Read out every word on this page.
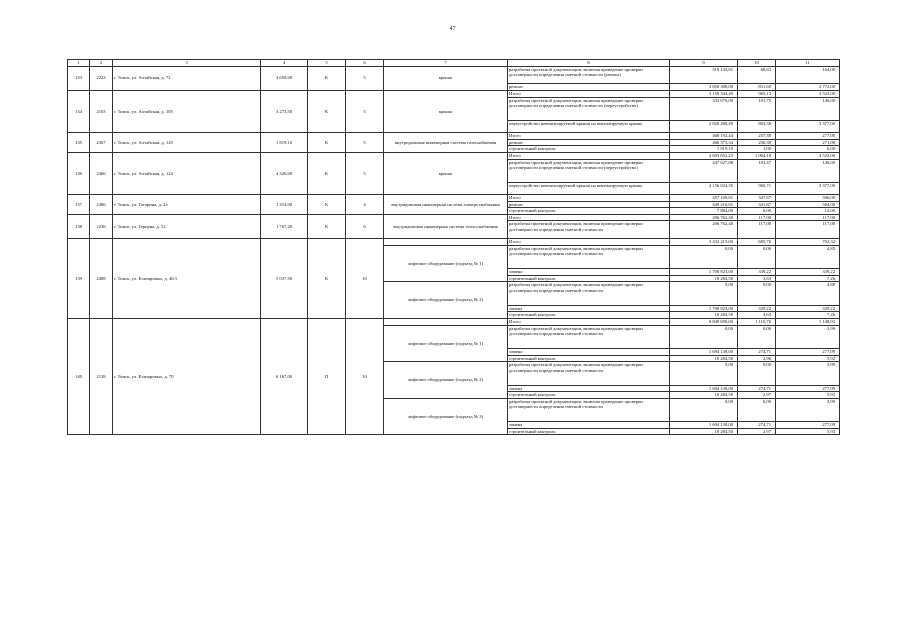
47
1	2	3	4	5	6	7	8	9	10	11
133	2223	г. Томск, ул. Алтайская, д. 72	4 650,00	К	5	крыша	разработка проектной документации, включая проведение проверки достоверности определения сметной стоимости (ремонт)	319 143,01	68,63	164,00
							ремонт	3 850 308,00	831,60	2 772,00
134	2103	г. Томск, ул. Алтайская, д. 105	3 273,50	К	5	крыша	Итого	3 159 344,49	965,13	3 523,00
							разработка проектной документации, включая проведение проверки достоверности определения сметной стоимости (переустройство)	333 076,00	101,75	146,00
							переустройство невентилируемой крыши на вентилируемую крышу	2 826 268,49	863,38	3 377,00
135	2367	г. Томск, ул. Алтайская, д. 120	1 819,10	К	5	внутридомовая инженерная система газоснабжения	Итого	468 192,44	257,38	277,00
							ремонт	466 373,34	256,38	271,00
							строительный контроль	1 819,10	1,00	6,00
136	2366	г. Томск, ул. Алтайская, д. 124	4 326,00	К	5	крыша	Итого	4 603 652,23	1 064,18	3 523,00
							разработка проектной документации, включая проведение проверки достоверности определения сметной стоимости (переустройство)	447 627,88	103,47	146,00
							переустройство невентилируемой крыши на вентилируемую крышу	4 156 024,35	960,71	3 377,00
137	2486	г. Томск, ул. Гагарина, д. 2а	1 314,00	К	4	внутридомовая инженерная система электроснабжения	Итого	457 100,01	347,87	596,00
							ремонт	449 216,01	341,87	584,00
							строительный контроль	7 884,00	6,00	12,00
138	2236	г. Томск, ул. Герцена, д. 52	1 767,20	К	6	внутридомовая инженерная система теплоснабжения	Итого	206 762,40	117,00	117,00
							разработка проектной документации, включая проведение проверки достоверности определения сметной стоимости	206 762,40	117,00	117,00
139	2488	г. Томск, ул. Елизаровых, д. 46/1	5 037,50	К	10		Итого	3 434 215,00	685,70	702,32
						лифтовое оборудование (подъезд № 1)	разработка проектной документации, включая проведение проверки достоверности определения сметной стоимости	0,00	0,00	4,85
							замена	1 708 823,00	339,22	339,22
							строительный контроль	18 284,50	3,63	7,26
						лифтовое оборудование (подъезд № 2)	разработка проектной документации, включая проведение проверки достоверности определения сметной стоимости	0,00	0,00	4,88
							замена	1 708 823,00	339,22	339,22
							строительный контроль	18 284,50	3,63	7,26
140	2138	г. Томск, ул. Елизаровых, д. 70	6 167,00	П	10		Итого	6 849 690,00	1 110,70	1 148,03
						лифтовое оборудование (подъезд № 1)	разработка проектной документации, включая проведение проверки достоверности определения сметной стоимости	0,00	0,00	3,99
							замена	1 694 138,00	274,71	277,09
							строительный контроль	18 284,50	2,96	5,92
						лифтовое оборудование (подъезд № 2)	разработка проектной документации, включая проведение проверки достоверности определения сметной стоимости	0,00	0,00	3,99
							замена	1 694 138,00	274,71	277,09
							строительный контроль	18 284,50	2,97	5,93
						лифтовое оборудование (подъезд № 3)	разработка проектной документации, включая проведение проверки достоверности определения сметной стоимости	0,00	0,00	3,99
							замена	1 694 138,00	274,71	277,09
							строительный контроль	18 284,50	2,97	5,93
